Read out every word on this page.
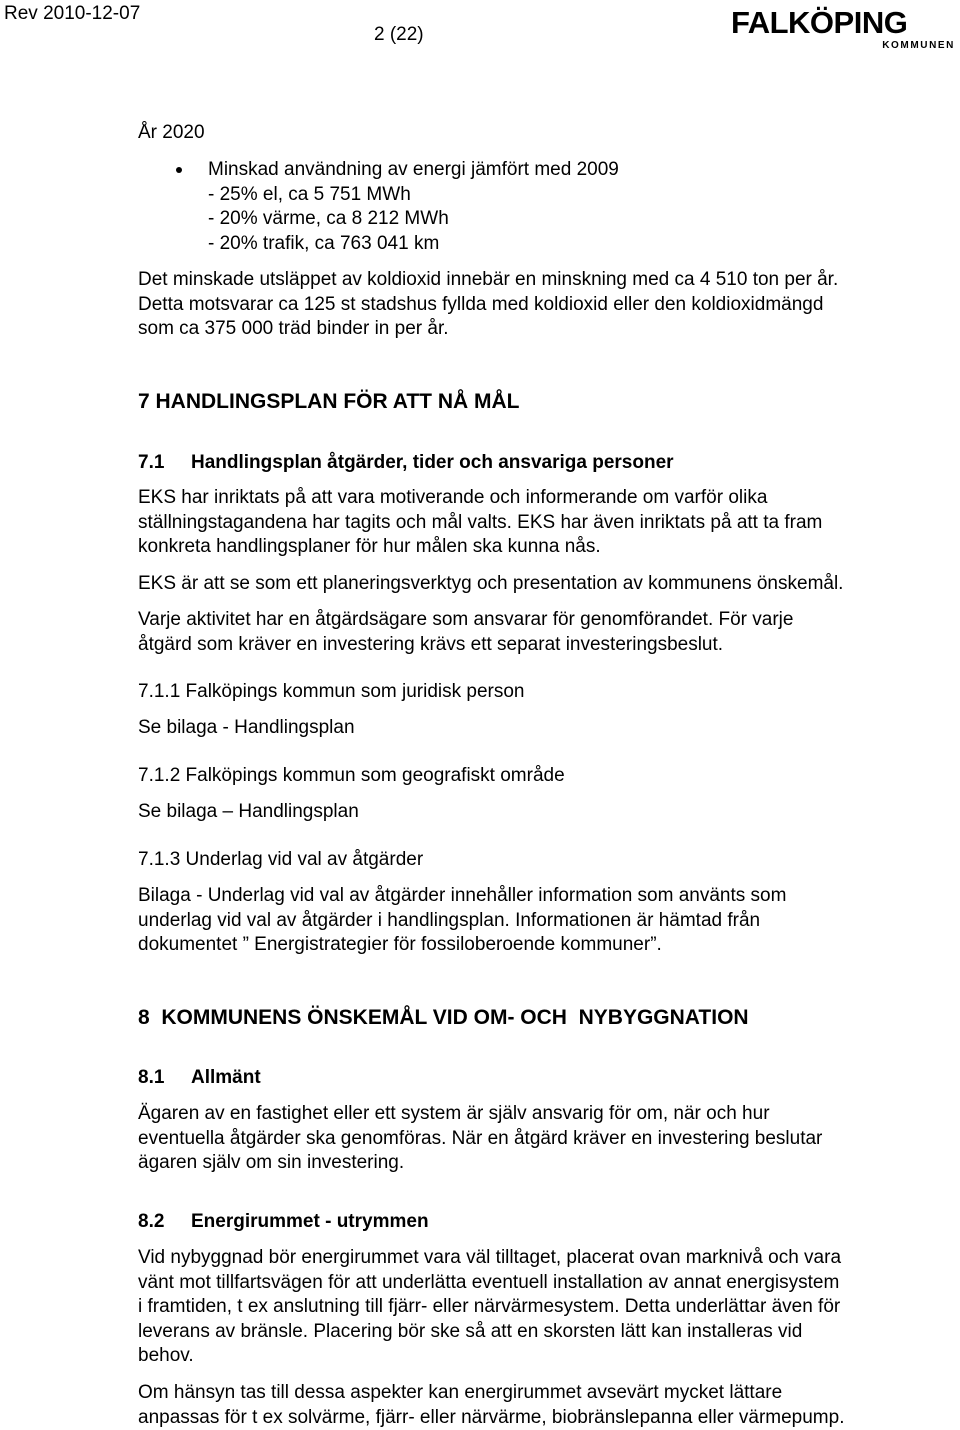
Rev 2010-12-07
2 (22)	FALKÖPING
KOMMUNEN
År 2020
Minskad användning av energi jämfört med 2009
- 25% el, ca 5 751 MWh
- 20% värme, ca 8 212 MWh
- 20% trafik, ca 763 041 km
Det minskade utsläppet av koldioxid innebär en minskning med ca 4 510 ton per år.
Detta motsvarar ca 125 st stadshus fyllda med koldioxid eller den koldioxidmängd
som ca 375 000 träd binder in per år.
7 HANDLINGSPLAN FÖR ATT NÅ MÅL
7.1 Handlingsplan åtgärder, tider och ansvariga personer
EKS har inriktats på att vara motiverande och informerande om varför olika
ställningstagandena har tagits och mål valts. EKS har även inriktats på att ta fram
konkreta handlingsplaner för hur målen ska kunna nås.
EKS är att se som ett planeringsverktyg och presentation av kommunens önskemål.
Varje aktivitet har en åtgärdsägare som ansvarar för genomförandet. För varje
åtgärd som kräver en investering krävs ett separat investeringsbeslut.
7.1.1 Falköpings kommun som juridisk person
Se bilaga - Handlingsplan
7.1.2 Falköpings kommun som geografiskt område
Se bilaga – Handlingsplan
7.1.3 Underlag vid val av åtgärder
Bilaga - Underlag vid val av åtgärder innehåller information som använts som
underlag vid val av åtgärder i handlingsplan. Informationen är hämtad från
dokumentet ” Energistrategier för fossiloberoende kommuner”.
8  KOMMUNENS ÖNSKEMÅL VID OM- OCH  NYBYGGNATION
8.1 Allmänt
Ägaren av en fastighet eller ett system är själv ansvarig för om, när och hur
eventuella åtgärder ska genomföras. När en åtgärd kräver en investering beslutar
ägaren själv om sin investering.
8.2 Energirummet - utrymmen
Vid nybyggnad bör energirummet vara väl tilltaget, placerat ovan marknivå och vara
vänt mot tillfartsvägen för att underlätta eventuell installation av annat energisystem
i framtiden, t ex anslutning till fjärr- eller närvärmesystem. Detta underlättar även för
leverans av bränsle. Placering bör ske så att en skorsten lätt kan installeras vid
behov.
Om hänsyn tas till dessa aspekter kan energirummet avsevärt mycket lättare
anpassas för t ex solvärme, fjärr- eller närvärme, biobränslepanna eller värmepump.
